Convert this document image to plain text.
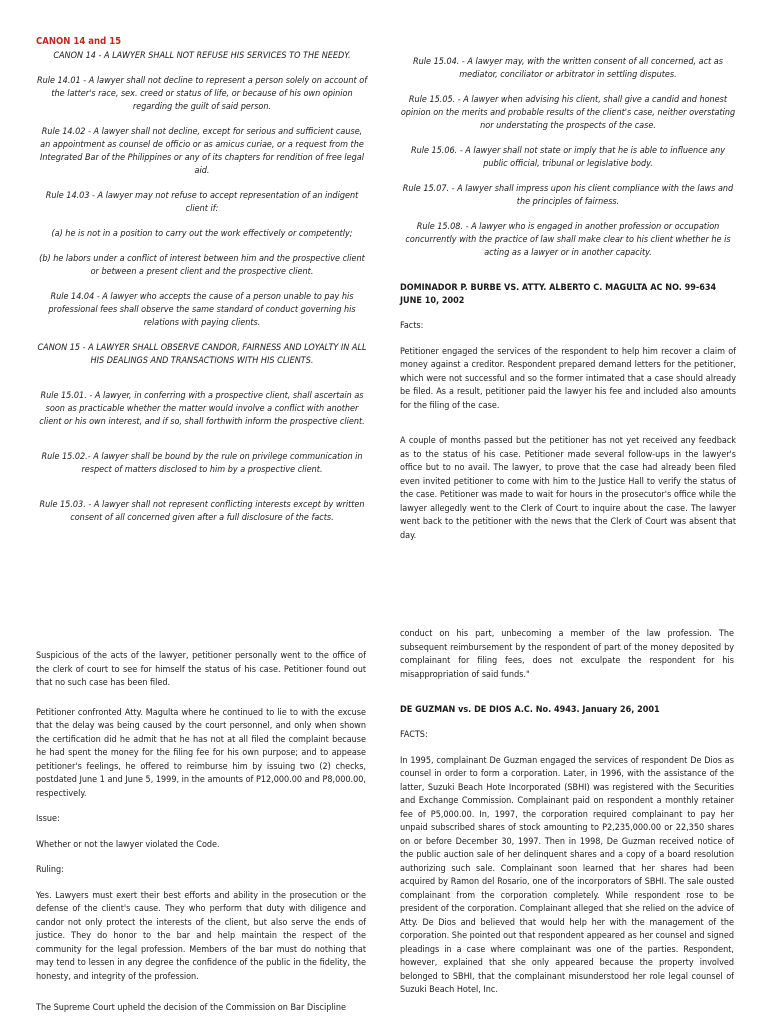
CANON 14 and 15

CANON 14 - A LAWYER SHALL NOT REFUSE HIS SERVICES TO THE NEEDY.

Rule 14.01 - A lawyer shall not decline to represent a person solely on account of the latter's race, sex. creed or status of life, or because of his own opinion regarding the guilt of said person.

Rule 14.02 - A lawyer shall not decline, except for serious and sufficient cause, an appointment as counsel de officio or as amicus curiae, or a request from the Integrated Bar of the Philippines or any of its chapters for rendition of free legal aid.

Rule 14.03 - A lawyer may not refuse to accept representation of an indigent client if:

(a) he is not in a position to carry out the work effectively or competently;

(b) he labors under a conflict of interest between him and the prospective client or between a present client and the prospective client.

Rule 14.04 - A lawyer who accepts the cause of a person unable to pay his professional fees shall observe the same standard of conduct governing his relations with paying clients.

CANON 15 - A LAWYER SHALL OBSERVE CANDOR, FAIRNESS AND LOYALTY IN ALL HIS DEALINGS AND TRANSACTIONS WITH HIS CLIENTS.

Rule 15.01. - A lawyer, in conferring with a prospective client, shall ascertain as soon as practicable whether the matter would involve a conflict with another client or his own interest, and if so, shall forthwith inform the prospective client.

Rule 15.02.- A lawyer shall be bound by the rule on privilege communication in respect of matters disclosed to him by a prospective client.

Rule 15.03. - A lawyer shall not represent conflicting interests except by written consent of all concerned given after a full disclosure of the facts.

Rule 15.04. - A lawyer may, with the written consent of all concerned, act as mediator, conciliator or arbitrator in settling disputes.

Rule 15.05. - A lawyer when advising his client, shall give a candid and honest opinion on the merits and probable results of the client's case, neither overstating nor understating the prospects of the case.

Rule 15.06. - A lawyer shall not state or imply that he is able to influence any public official, tribunal or legislative body.

Rule 15.07. - A lawyer shall impress upon his client compliance with the laws and the principles of fairness.

Rule 15.08. - A lawyer who is engaged in another profession or occupation concurrently with the practice of law shall make clear to his client whether he is acting as a lawyer or in another capacity.

DOMINADOR P. BURBE VS. ATTY. ALBERTO C. MAGULTA AC NO. 99-634 JUNE 10, 2002

Facts:

Petitioner engaged the services of the respondent to help him recover a claim of money against a creditor. Respondent prepared demand letters for the petitioner, which were not successful and so the former intimated that a case should already be filed. As a result, petitioner paid the lawyer his fee and included also amounts for the filing of the case.

A couple of months passed but the petitioner has not yet received any feedback as to the status of his case. Petitioner made several follow-ups in the lawyer's office but to no avail. The lawyer, to prove that the case had already been filed even invited petitioner to come with him to the Justice Hall to verify the status of the case. Petitioner was made to wait for hours in the prosecutor's office while the lawyer allegedly went to the Clerk of Court to inquire about the case. The lawyer went back to the petitioner with the news that the Clerk of Court was absent that day.

Suspicious of the acts of the lawyer, petitioner personally went to the office of the clerk of court to see for himself the status of his case. Petitioner found out that no such case has been filed.

Petitioner confronted Atty. Magulta where he continued to lie to with the excuse that the delay was being caused by the court personnel, and only when shown the certification did he admit that he has not at all filed the complaint because he had spent the money for the filing fee for his own purpose; and to appease petitioner's feelings, he offered to reimburse him by issuing two (2) checks, postdated June 1 and June 5, 1999, in the amounts of P12,000.00 and P8,000.00, respectively.

Issue:

Whether or not the lawyer violated the Code.

Ruling:

Yes. Lawyers must exert their best efforts and ability in the prosecution or the defense of the client's cause. They who perform that duty with diligence and candor not only protect the interests of the client, but also serve the ends of justice. They do honor to the bar and help maintain the respect of the community for the legal profession. Members of the bar must do nothing that may tend to lessen in any degree the confidence of the public in the fidelity, the honesty, and integrity of the profession.

The Supreme Court upheld the decision of the Commission on Bar Discipline

conduct on his part, unbecoming a member of the law profession. The subsequent reimbursement by the respondent of part of the money deposited by complainant for filing fees, does not exculpate the respondent for his misappropriation of said funds."

DE GUZMAN vs. DE DIOS A.C. No. 4943. January 26, 2001

FACTS:

In 1995, complainant De Guzman engaged the services of respondent De Dios as counsel in order to form a corporation. Later, in 1996, with the assistance of the latter, Suzuki Beach Hote Incorporated (SBHI) was registered with the Securities and Exchange Commission. Complainant paid on respondent a monthly retainer fee of P5,000.00. In, 1997, the corporation required complainant to pay her unpaid subscribed shares of stock amounting to P2,235,000.00 or 22,350 shares on or before December 30, 1997. Then in 1998, De Guzman received notice of the public auction sale of her delinquent shares and a copy of a board resolution authorizing such sale. Complainant soon learned that her shares had been acquired by Ramon del Rosario, one of the incorporators of SBHI. The sale ousted complainant from the corporation completely. While respondent rose to be president of the corporation. Complainant alleged that she relied on the advice of Atty. De Dios and believed that would help her with the management of the corporation. She pointed out that respondent appeared as her counsel and signed pleadings in a case where complainant was one of the parties. Respondent, however, explained that she only appeared because the property involved belonged to SBHI, that the complainant misunderstood her role legal counsel of Suzuki Beach Hotel, Inc.
